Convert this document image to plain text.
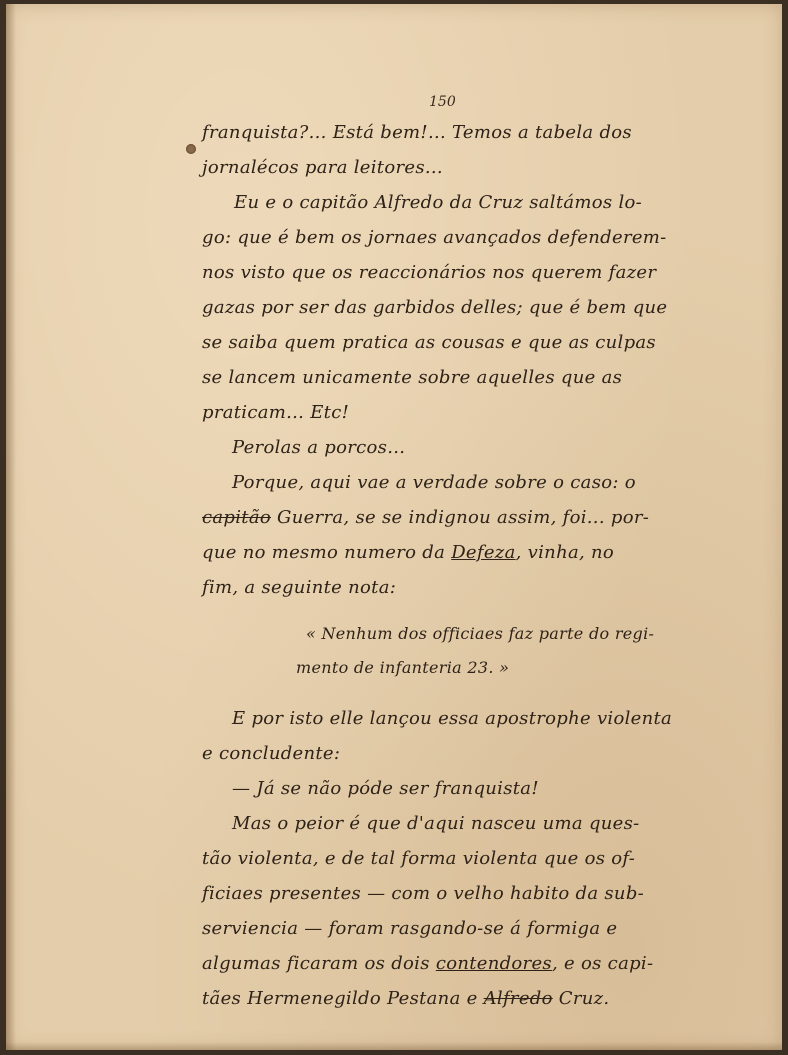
150
franquista?... Está bem!... Temos a tabela dos
jornalécos para leitores...
Eu e o capitão Alfredo da Cruz saltámos lo-
go: que é bem os jornaes avançados defenderem-
nos visto que os reaccionários nos querem fazer
gazas por ser das garbidos delles; que é bem que
se saiba quem pratica as cousas e que as culpas
se lancem unicamente sobre aquelles que as
praticam... Etc!
Perolas a porcos...
Porque, aqui vae a verdade sobre o caso: o
capitão Guerra, se se indignou assim, foi... por-
que no mesmo numero da Defeza, vinha, no
fim, a seguinte nota:
« Nenhum dos officiaes faz parte do regi-
mento de infanteria 23. »
E por isto elle lançou essa apostrophe violenta
e concludente:
— Já se não póde ser franquista!
Mas o peior é que d'aqui nasceu uma ques-
tão violenta, e de tal forma violenta que os of-
ficiaes presentes — com o velho habito da sub-
serviencia — foram rasgando-se á formiga e
algumas ficaram os dois contendores, e os capi-
tães Hermenegildo Pestana e Alfredo Cruz.
